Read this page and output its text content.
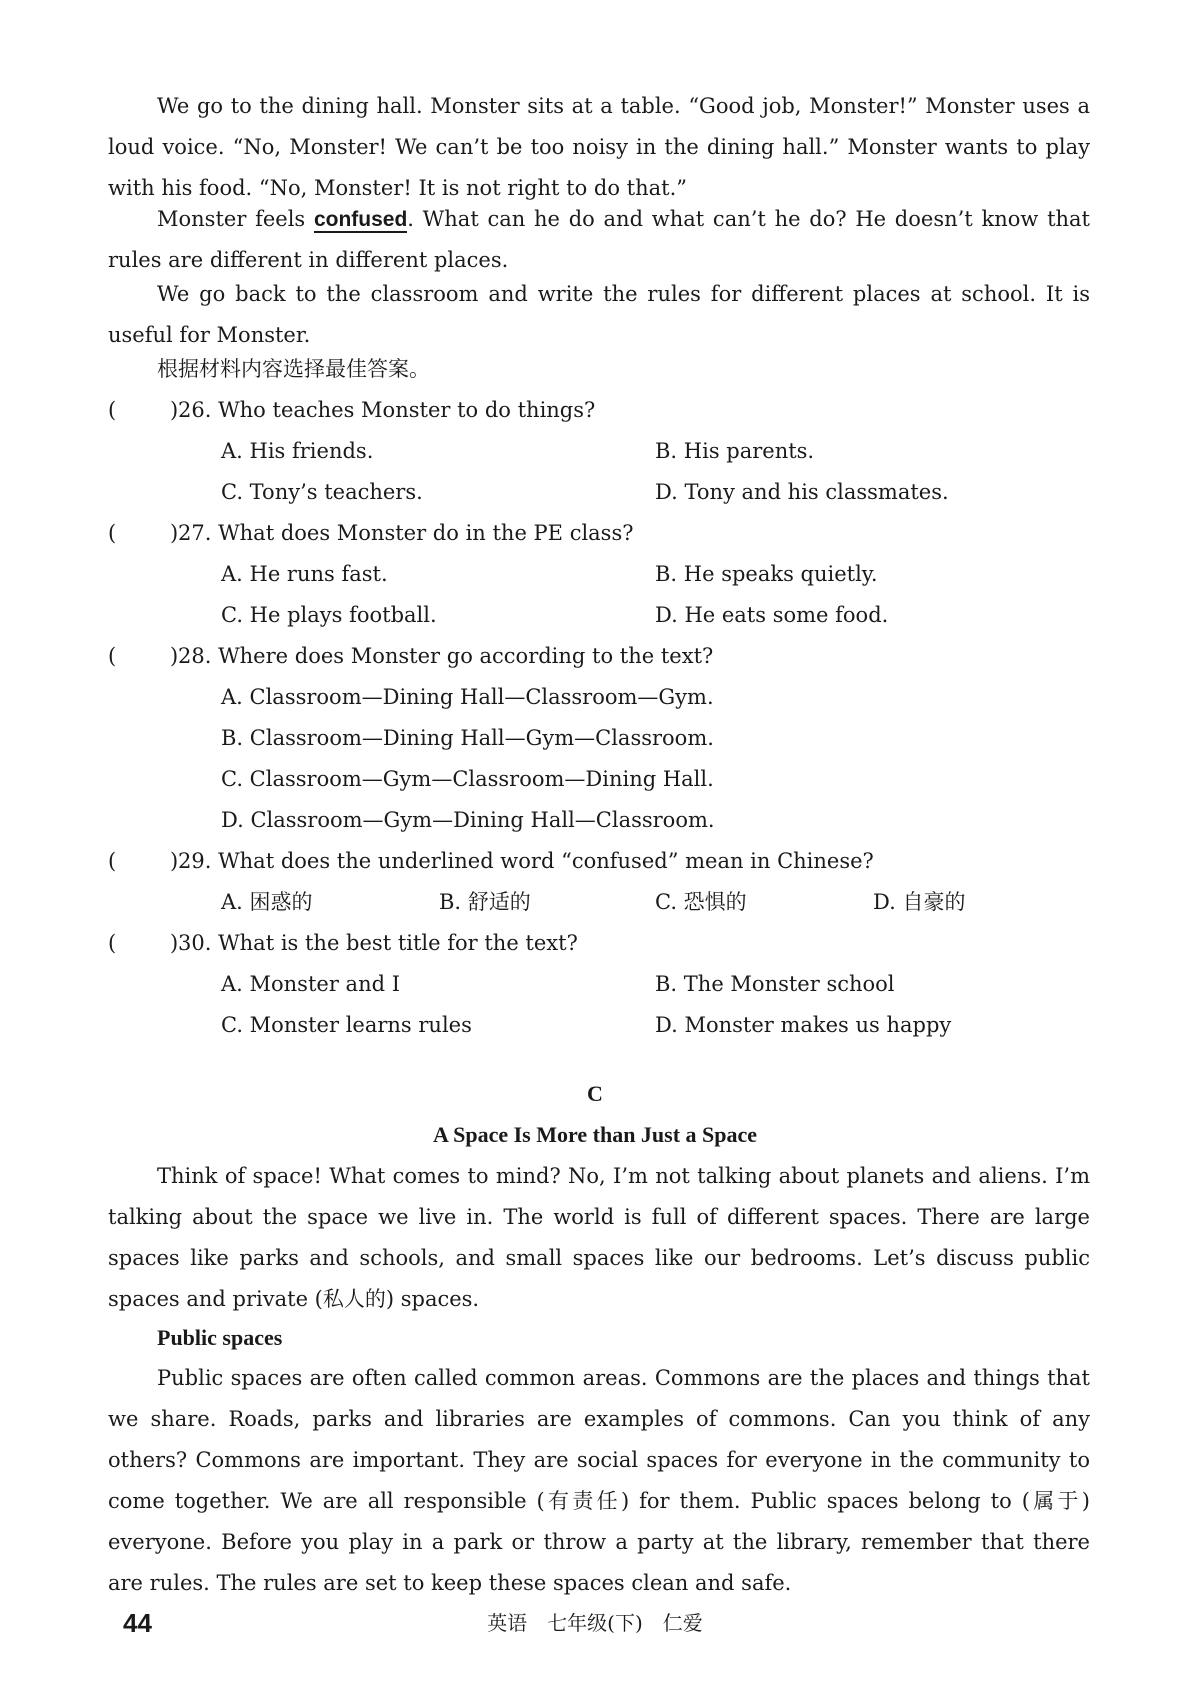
We go to the dining hall. Monster sits at a table. “Good job, Monster!” Monster uses a loud voice. “No, Monster! We can’t be too noisy in the dining hall.” Monster wants to play with his food. “No, Monster! It is not right to do that.”

Monster feels confused. What can he do and what can’t he do? He doesn’t know that rules are different in different places.

We go back to the classroom and write the rules for different places at school. It is useful for Monster.

根据材料内容选择最佳答案。

(	) 26. Who teaches Monster to do things?
A. His friends.	B. His parents.
C. Tony’s teachers.	D. Tony and his classmates.
(	) 27. What does Monster do in the PE class?
A. He runs fast.	B. He speaks quietly.
C. He plays football.	D. He eats some food.
(	) 28. Where does Monster go according to the text?
A. Classroom—Dining Hall—Classroom—Gym.
B. Classroom—Dining Hall—Gym—Classroom.
C. Classroom—Gym—Classroom—Dining Hall.
D. Classroom—Gym—Dining Hall—Classroom.
(	) 29. What does the underlined word “confused” mean in Chinese?
A. 困惑的	B. 舒适的	C. 恐惧的	D. 自豪的
(	) 30. What is the best title for the text?
A. Monster and I	B. The Monster school
C. Monster learns rules	D. Monster makes us happy
C
A Space Is More than Just a Space

Think of space! What comes to mind? No, I’m not talking about planets and aliens. I’m talking about the space we live in. The world is full of different spaces. There are large spaces like parks and schools, and small spaces like our bedrooms. Let’s discuss public spaces and private (私人的) spaces.

Public spaces

Public spaces are often called common areas. Commons are the places and things that we share. Roads, parks and libraries are examples of commons. Can you think of any others? Commons are important. They are social spaces for everyone in the community to come together. We are all responsible (有责任) for them. Public spaces belong to (属于) everyone. Before you play in a park or throw a party at the library, remember that there are rules. The rules are set to keep these spaces clean and safe.

44	英语　七年级(下)　仁爱
